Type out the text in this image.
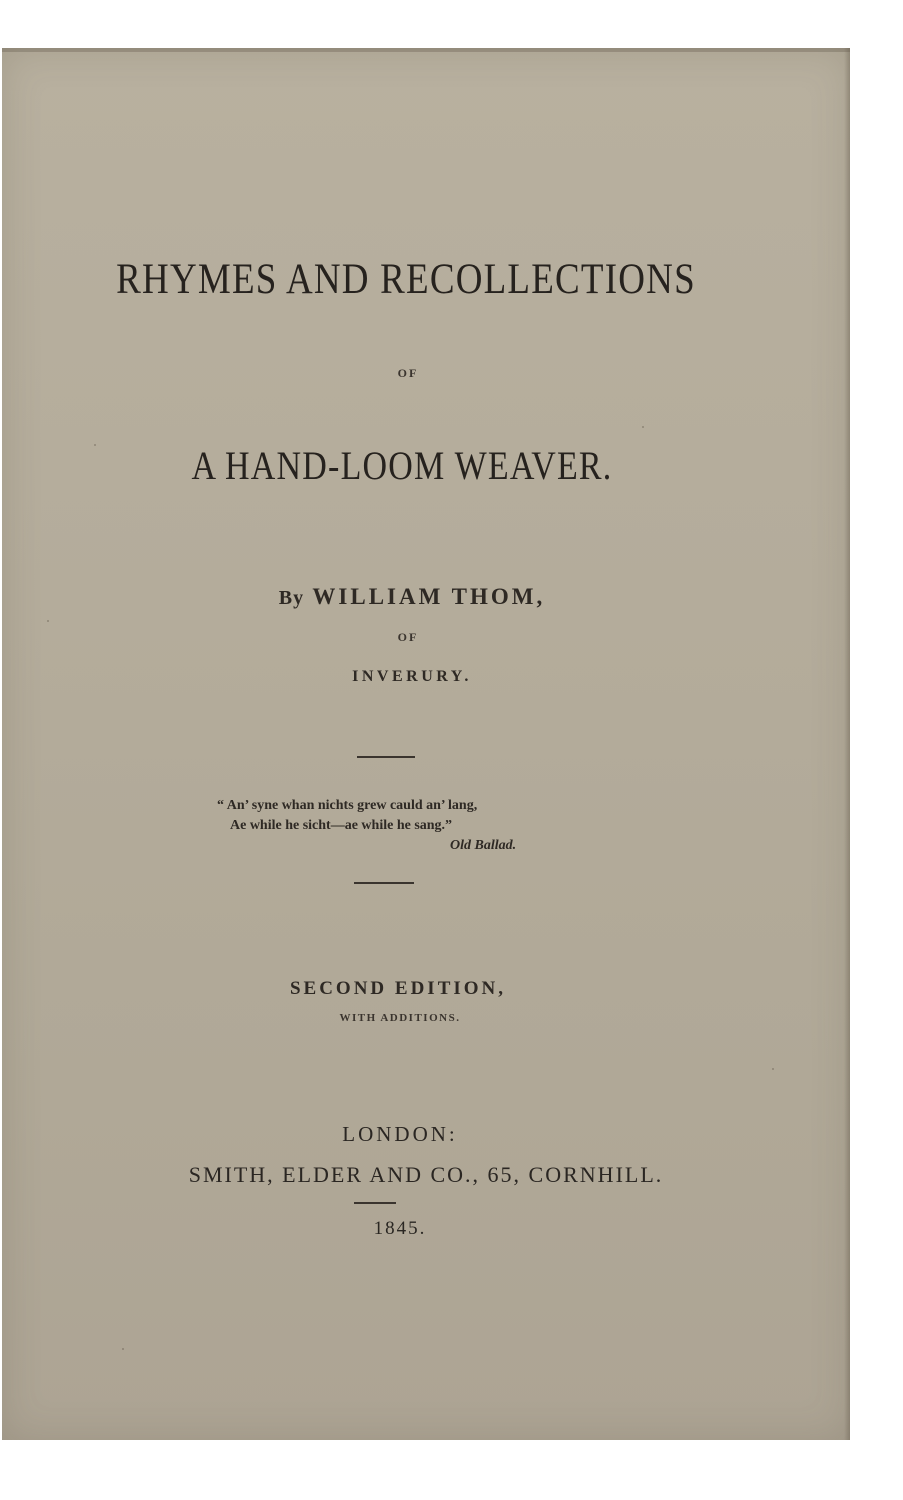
RHYMES AND RECOLLECTIONS
OF
A HAND-LOOM WEAVER.
By WILLIAM THOM,
OF
INVERURY.
“ An’ syne whan nichts grew cauld an’ lang,
Ae while he sicht—ae while he sang.”
Old Ballad.
SECOND EDITION,
WITH ADDITIONS.
LONDON:
SMITH, ELDER AND CO., 65, CORNHILL.
1845.
